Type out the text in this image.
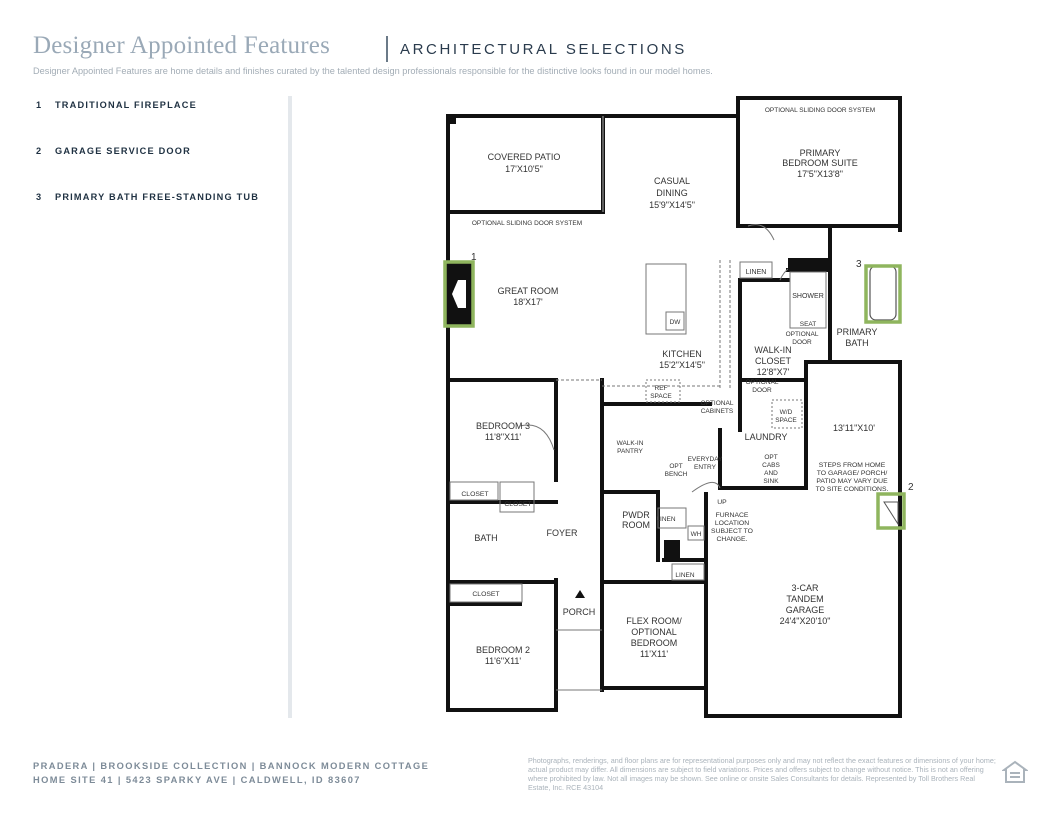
Designer Appointed Features	ARCHITECTURAL SELECTIONS
Designer Appointed Features are home details and finishes curated by the talented design professionals responsible for the distinctive looks found in our model homes.
1 TRADITIONAL FIREPLACE
2 GARAGE SERVICE DOOR
3 PRIMARY BATH FREE-STANDING TUB
COVERED PATIO
17'X10'5"
CASUAL
DINING
15'9"X14'5"
PRIMARY
BEDROOM SUITE
17'5"X13'8"
OPTIONAL SLIDING DOOR SYSTEM
OPTIONAL SLIDING DOOR SYSTEM
GREAT ROOM
18'X17'
LINEN
SHOWER
SEAT
DW
PRIMARY
BATH
OPTIONAL
DOOR
WALK-IN
CLOSET
12'8"X7'
KITCHEN
15'2"X14'5"
REF
SPACE
OPTIONAL
DOOR
OPTIONAL
CABINETS	W/D
SPACE
BEDROOM 3
11'8"X11'
13'11"X10'
LAUNDRY
WALK-IN
PANTRY
EVERYDAY
ENTRY
OPT
BENCH
OPT
CABS
AND
SINK
STEPS FROM HOME
TO GARAGE/ PORCH/
PATIO MAY VARY DUE
TO SITE CONDITIONS.
CLOSET
CLOSET	UP
PWDR
ROOM
LINEN
FURNACE
LOCATION
SUBJECT TO
CHANGE.
WH
BATH	FOYER
LINEN
CLOSET
PORCH
3-CAR
TANDEM
GARAGE
24'4"X20'10"
FLEX ROOM/
OPTIONAL
BEDROOM
11'X11'
BEDROOM 2
11'6"X11'
1
2
3
PRADERA | BROOKSIDE COLLECTION | BANNOCK MODERN COTTAGE
HOME SITE 41 | 5423 SPARKY AVE | CALDWELL, ID 83607
Photographs, renderings, and floor plans are for representational purposes only and may not reflect the exact features or dimensions of your home; actual product may differ. All dimensions are subject to field variations. Prices and offers subject to change without notice. This is not an offering where prohibited by law. Not all images may be shown. See online or onsite Sales Consultants for details. Represented by Toll Brothers Real Estate, Inc. RCE 43104
